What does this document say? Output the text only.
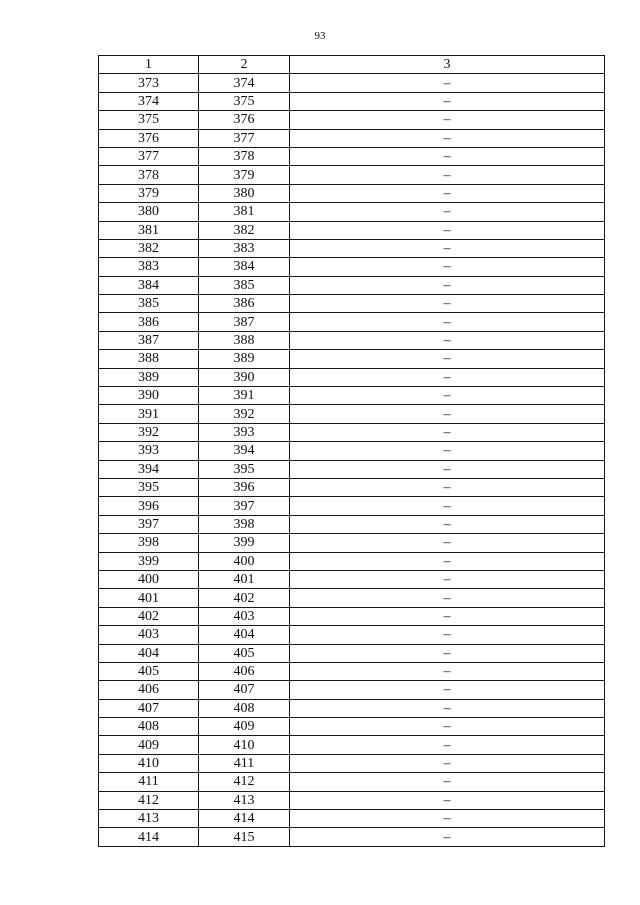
93
1	2	3
373	374	–
374	375	–
375	376	–
376	377	–
377	378	–
378	379	–
379	380	–
380	381	–
381	382	–
382	383	–
383	384	–
384	385	–
385	386	–
386	387	–
387	388	–
388	389	–
389	390	–
390	391	–
391	392	–
392	393	–
393	394	–
394	395	–
395	396	–
396	397	–
397	398	–
398	399	–
399	400	–
400	401	–
401	402	–
402	403	–
403	404	–
404	405	–
405	406	–
406	407	–
407	408	–
408	409	–
409	410	–
410	411	–
411	412	–
412	413	–
413	414	–
414	415	–
